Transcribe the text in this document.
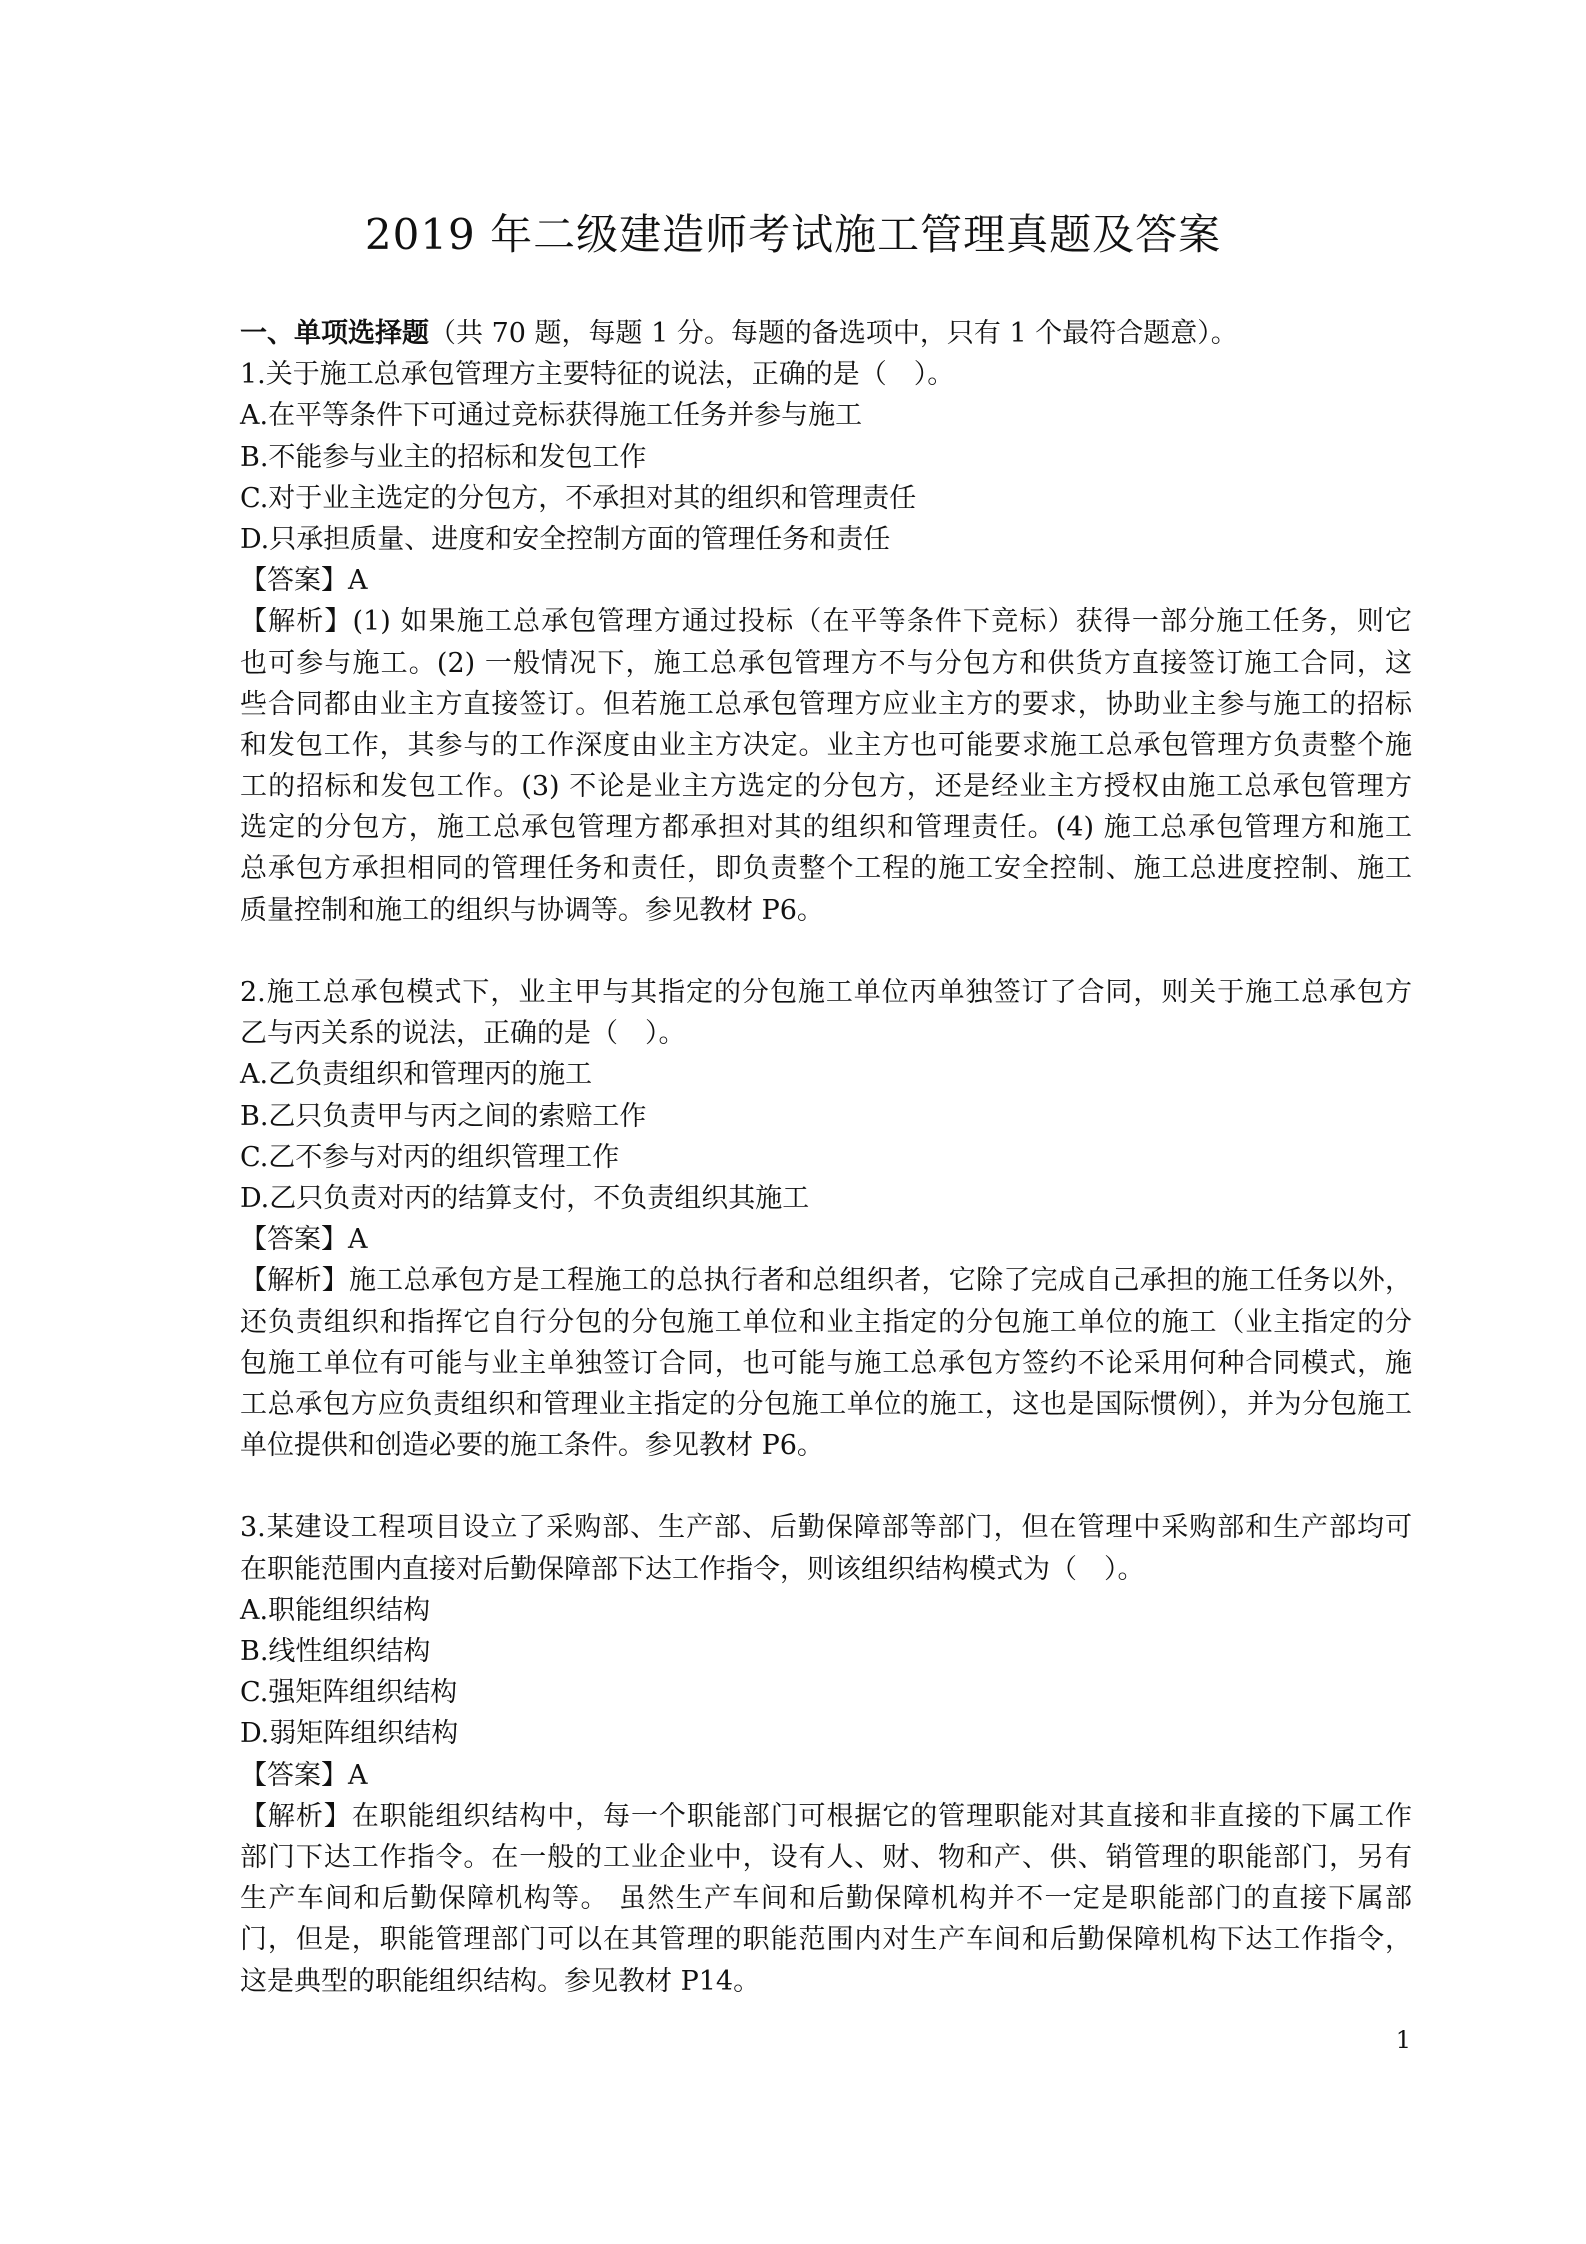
2019 年二级建造师考试施工管理真题及答案
一、单项选择题（共 70 题，每题 1 分。每题的备选项中，只有 1 个最符合题意）。
1.关于施工总承包管理方主要特征的说法，正确的是（　）。
A.在平等条件下可通过竞标获得施工任务并参与施工
B.不能参与业主的招标和发包工作
C.对于业主选定的分包方，不承担对其的组织和管理责任
D.只承担质量、进度和安全控制方面的管理任务和责任
【答案】A
【解析】(1) 如果施工总承包管理方通过投标（在平等条件下竞标）获得一部分施工任务，则它
也可参与施工。(2) 一般情况下，施工总承包管理方不与分包方和供货方直接签订施工合同，这
些合同都由业主方直接签订。但若施工总承包管理方应业主方的要求，协助业主参与施工的招标
和发包工作，其参与的工作深度由业主方决定。业主方也可能要求施工总承包管理方负责整个施
工的招标和发包工作。(3) 不论是业主方选定的分包方，还是经业主方授权由施工总承包管理方
选定的分包方，施工总承包管理方都承担对其的组织和管理责任。(4) 施工总承包管理方和施工
总承包方承担相同的管理任务和责任，即负责整个工程的施工安全控制、施工总进度控制、施工
质量控制和施工的组织与协调等。参见教材 P6。
2.施工总承包模式下，业主甲与其指定的分包施工单位丙单独签订了合同，则关于施工总承包方
乙与丙关系的说法，正确的是（　）。
A.乙负责组织和管理丙的施工
B.乙只负责甲与丙之间的索赔工作
C.乙不参与对丙的组织管理工作
D.乙只负责对丙的结算支付，不负责组织其施工
【答案】A
【解析】施工总承包方是工程施工的总执行者和总组织者，它除了完成自己承担的施工任务以外，
还负责组织和指挥它自行分包的分包施工单位和业主指定的分包施工单位的施工（业主指定的分
包施工单位有可能与业主单独签订合同，也可能与施工总承包方签约不论采用何种合同模式，施
工总承包方应负责组织和管理业主指定的分包施工单位的施工，这也是国际惯例），并为分包施工
单位提供和创造必要的施工条件。参见教材 P6。
3.某建设工程项目设立了采购部、生产部、后勤保障部等部门，但在管理中采购部和生产部均可
在职能范围内直接对后勤保障部下达工作指令，则该组织结构模式为（　）。
A.职能组织结构
B.线性组织结构
C.强矩阵组织结构
D.弱矩阵组织结构
【答案】A
【解析】在职能组织结构中，每一个职能部门可根据它的管理职能对其直接和非直接的下属工作
部门下达工作指令。在一般的工业企业中，设有人、财、物和产、供、销管理的职能部门，另有
生产车间和后勤保障机构等。 虽然生产车间和后勤保障机构并不一定是职能部门的直接下属部
门，但是，职能管理部门可以在其管理的职能范围内对生产车间和后勤保障机构下达工作指令，
这是典型的职能组织结构。参见教材 P14。
1
